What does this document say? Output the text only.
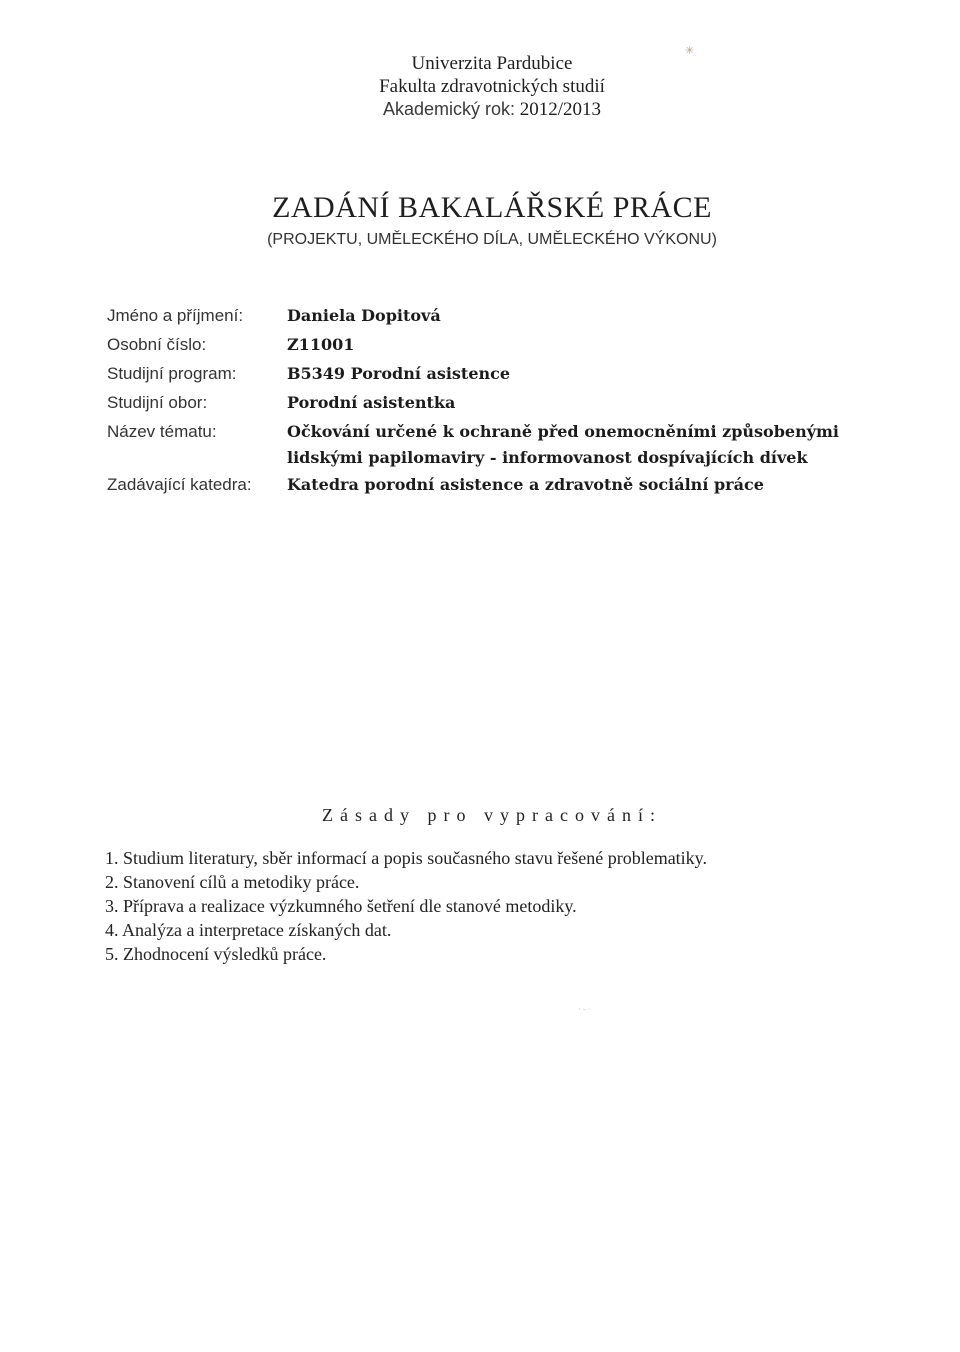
✳
Univerzita Pardubice
Fakulta zdravotnických studií
Akademický rok: 2012/2013
ZADÁNÍ BAKALÁŘSKÉ PRÁCE
(PROJEKTU, UMĚLECKÉHO DÍLA, UMĚLECKÉHO VÝKONU)
Jméno a příjmení:	Daniela Dopitová
Osobní číslo:	Z11001
Studijní program:	B5349 Porodní asistence
Studijní obor:	Porodní asistentka
Název tématu:	Očkování určené k ochraně před onemocněními způsobenými lidskými papilomaviry - informovanost dospívajících dívek
Zadávající katedra:	Katedra porodní asistence a zdravotně sociální práce
Zásady pro vypracování:
1. Studium literatury, sběr informací a popis současného stavu řešené problematiky.
2. Stanovení cílů a metodiky práce.
3. Příprava a realizace výzkumného šetření dle stanové metodiky.
4. Analýza a interpretace získaných dat.
5. Zhodnocení výsledků práce.
·‑·
